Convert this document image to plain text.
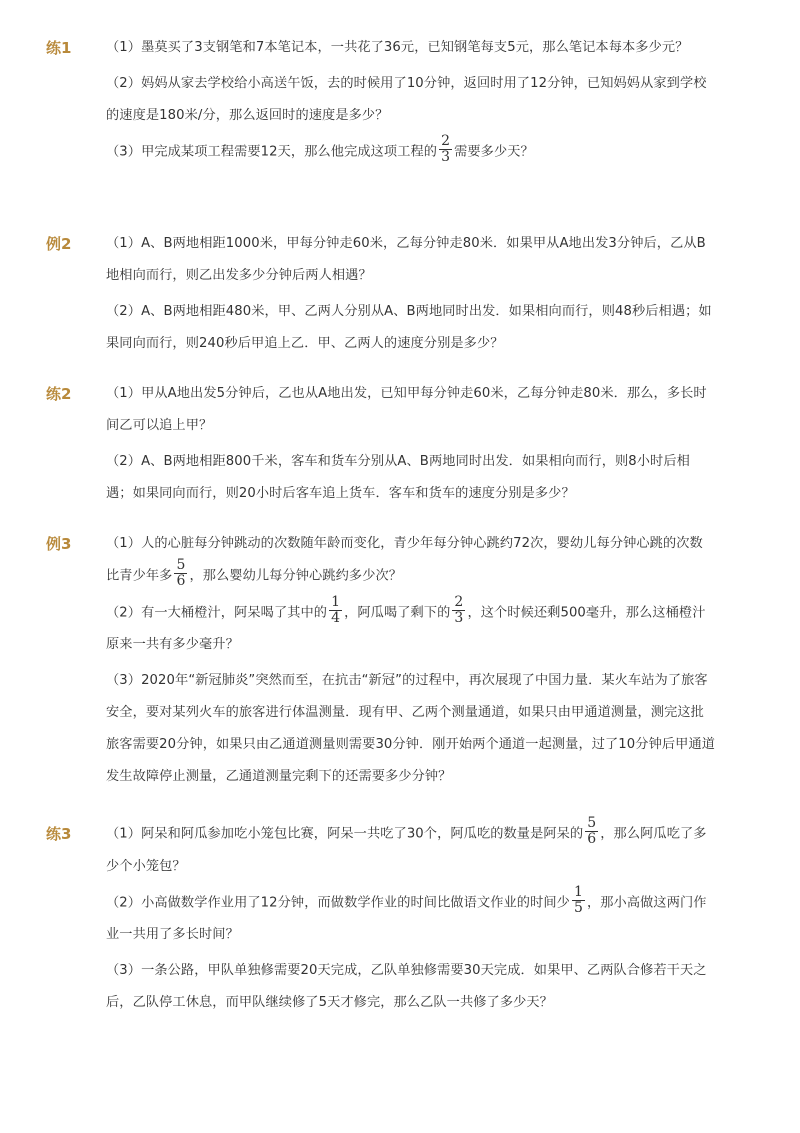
练1	（1）墨莫买了3支钢笔和7本笔记本，一共花了36元，已知钢笔每支5元，那么笔记本每本多少元？

（2）妈妈从家去学校给小高送午饭，去的时候用了10分钟，返回时用了12分钟，已知妈妈从家到学校的速度是180米/分，那么返回时的速度是多少？

（3）甲完成某项工程需要12天，那么他完成这项工程的 $\frac{2}{3}$ 需要多少天？

例2	（1）A、B两地相距1000米，甲每分钟走60米，乙每分钟走80米．如果甲从A地出发3分钟后，乙从B地相向而行，则乙出发多少分钟后两人相遇？

（2）A、B两地相距480米，甲、乙两人分别从A、B两地同时出发．如果相向而行，则48秒后相遇；如果同向而行，则240秒后甲追上乙．甲、乙两人的速度分别是多少？

练2	（1）甲从A地出发5分钟后，乙也从A地出发，已知甲每分钟走60米，乙每分钟走80米．那么，多长时间乙可以追上甲？

（2）A、B两地相距800千米，客车和货车分别从A、B两地同时出发．如果相向而行，则8小时后相遇；如果同向而行，则20小时后客车追上货车．客车和货车的速度分别是多少？

例3	（1）人的心脏每分钟跳动的次数随年龄而变化，青少年每分钟心跳约72次，婴幼儿每分钟心跳的次数比青少年多 $\frac{5}{6}$ ，那么婴幼儿每分钟心跳约多少次？

（2）有一大桶橙汁，阿呆喝了其中的 $\frac{1}{4}$ ，阿瓜喝了剩下的 $\frac{2}{3}$ ，这个时候还剩500毫升，那么这桶橙汁原来一共有多少毫升？

（3）2020年“新冠肺炎”突然而至，在抗击“新冠”的过程中，再次展现了中国力量．某火车站为了旅客安全，要对某列火车的旅客进行体温测量．现有甲、乙两个测量通道，如果只由甲通道测量，测完这批旅客需要20分钟，如果只由乙通道测量则需要30分钟．刚开始两个通道一起测量，过了10分钟后甲通道发生故障停止测量，乙通道测量完剩下的还需要多少分钟？

练3	（1）阿呆和阿瓜参加吃小笼包比赛，阿呆一共吃了30个，阿瓜吃的数量是阿呆的 $\frac{5}{6}$ ，那么阿瓜吃了多少个小笼包？

（2）小高做数学作业用了12分钟，而做数学作业的时间比做语文作业的时间少 $\frac{1}{5}$ ，那小高做这两门作业一共用了多长时间？

（3）一条公路，甲队单独修需要20天完成，乙队单独修需要30天完成．如果甲、乙两队合修若干天之后，乙队停工休息，而甲队继续修了5天才修完，那么乙队一共修了多少天？
